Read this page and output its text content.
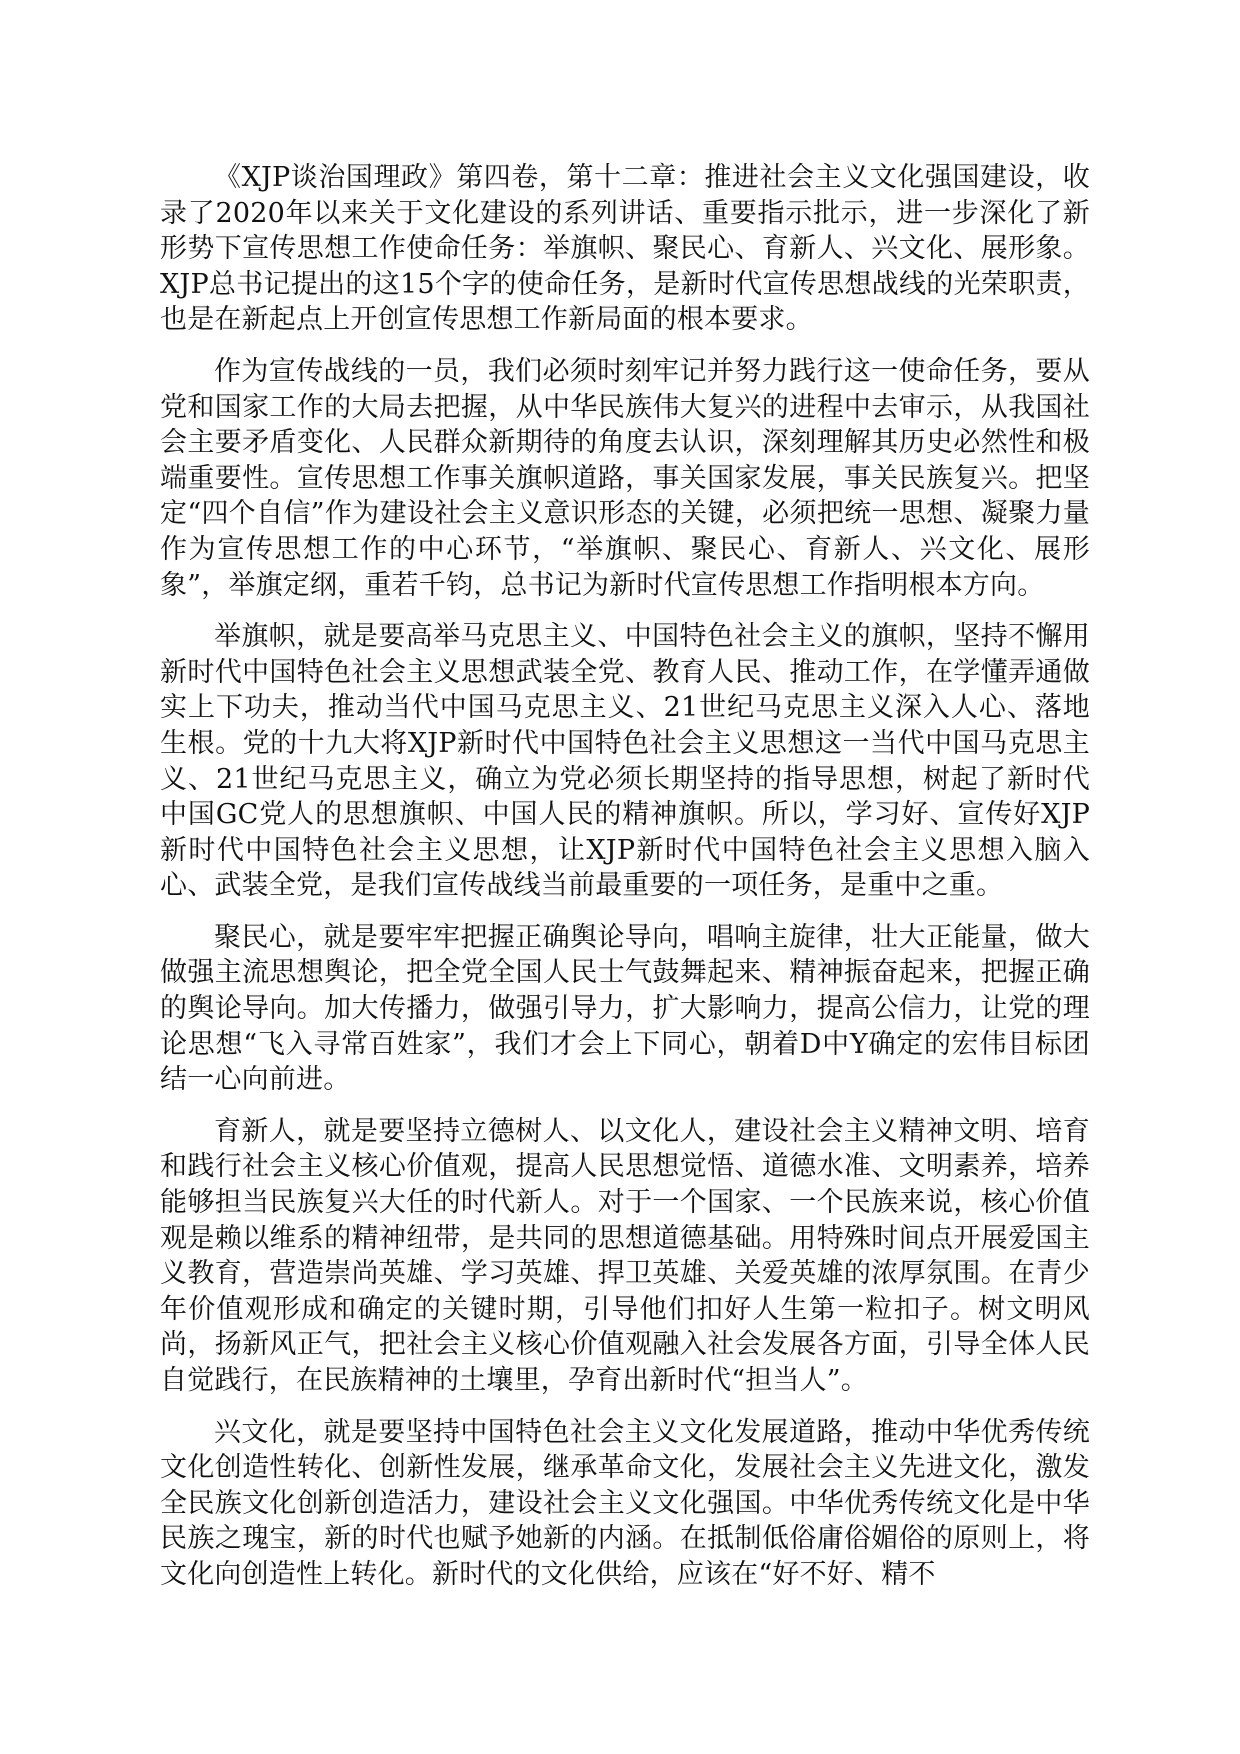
《XJP谈治国理政》第四卷，第十二章：推进社会主义文化强国建设，收录了2020年以来关于文化建设的系列讲话、重要指示批示，进一步深化了新形势下宣传思想工作使命任务：举旗帜、聚民心、育新人、兴文化、展形象。XJP总书记提出的这15个字的使命任务，是新时代宣传思想战线的光荣职责，也是在新起点上开创宣传思想工作新局面的根本要求。

作为宣传战线的一员，我们必须时刻牢记并努力践行这一使命任务，要从党和国家工作的大局去把握，从中华民族伟大复兴的进程中去审示，从我国社会主要矛盾变化、人民群众新期待的角度去认识，深刻理解其历史必然性和极端重要性。宣传思想工作事关旗帜道路，事关国家发展，事关民族复兴。把坚定“四个自信”作为建设社会主义意识形态的关键，必须把统一思想、凝聚力量作为宣传思想工作的中心环节，“举旗帜、聚民心、育新人、兴文化、展形象”，举旗定纲，重若千钧，总书记为新时代宣传思想工作指明根本方向。

举旗帜，就是要高举马克思主义、中国特色社会主义的旗帜，坚持不懈用新时代中国特色社会主义思想武装全党、教育人民、推动工作，在学懂弄通做实上下功夫，推动当代中国马克思主义、21世纪马克思主义深入人心、落地生根。党的十九大将XJP新时代中国特色社会主义思想这一当代中国马克思主义、21世纪马克思主义，确立为党必须长期坚持的指导思想，树起了新时代中国GC党人的思想旗帜、中国人民的精神旗帜。所以，学习好、宣传好XJP新时代中国特色社会主义思想，让XJP新时代中国特色社会主义思想入脑入心、武装全党，是我们宣传战线当前最重要的一项任务，是重中之重。

聚民心，就是要牢牢把握正确舆论导向，唱响主旋律，壮大正能量，做大做强主流思想舆论，把全党全国人民士气鼓舞起来、精神振奋起来，把握正确的舆论导向。加大传播力，做强引导力，扩大影响力，提高公信力，让党的理论思想“飞入寻常百姓家”，我们才会上下同心，朝着D中Y确定的宏伟目标团结一心向前进。

育新人，就是要坚持立德树人、以文化人，建设社会主义精神文明、培育和践行社会主义核心价值观，提高人民思想觉悟、道德水准、文明素养，培养能够担当民族复兴大任的时代新人。对于一个国家、一个民族来说，核心价值观是赖以维系的精神纽带，是共同的思想道德基础。用特殊时间点开展爱国主义教育，营造崇尚英雄、学习英雄、捍卫英雄、关爱英雄的浓厚氛围。在青少年价值观形成和确定的关键时期，引导他们扣好人生第一粒扣子。树文明风尚，扬新风正气，把社会主义核心价值观融入社会发展各方面，引导全体人民自觉践行，在民族精神的土壤里，孕育出新时代“担当人”。

兴文化，就是要坚持中国特色社会主义文化发展道路，推动中华优秀传统文化创造性转化、创新性发展，继承革命文化，发展社会主义先进文化，激发全民族文化创新创造活力，建设社会主义文化强国。中华优秀传统文化是中华民族之瑰宝，新的时代也赋予她新的内涵。在抵制低俗庸俗媚俗的原则上，将文化向创造性上转化。新时代的文化供给，应该在“好不好、精不
